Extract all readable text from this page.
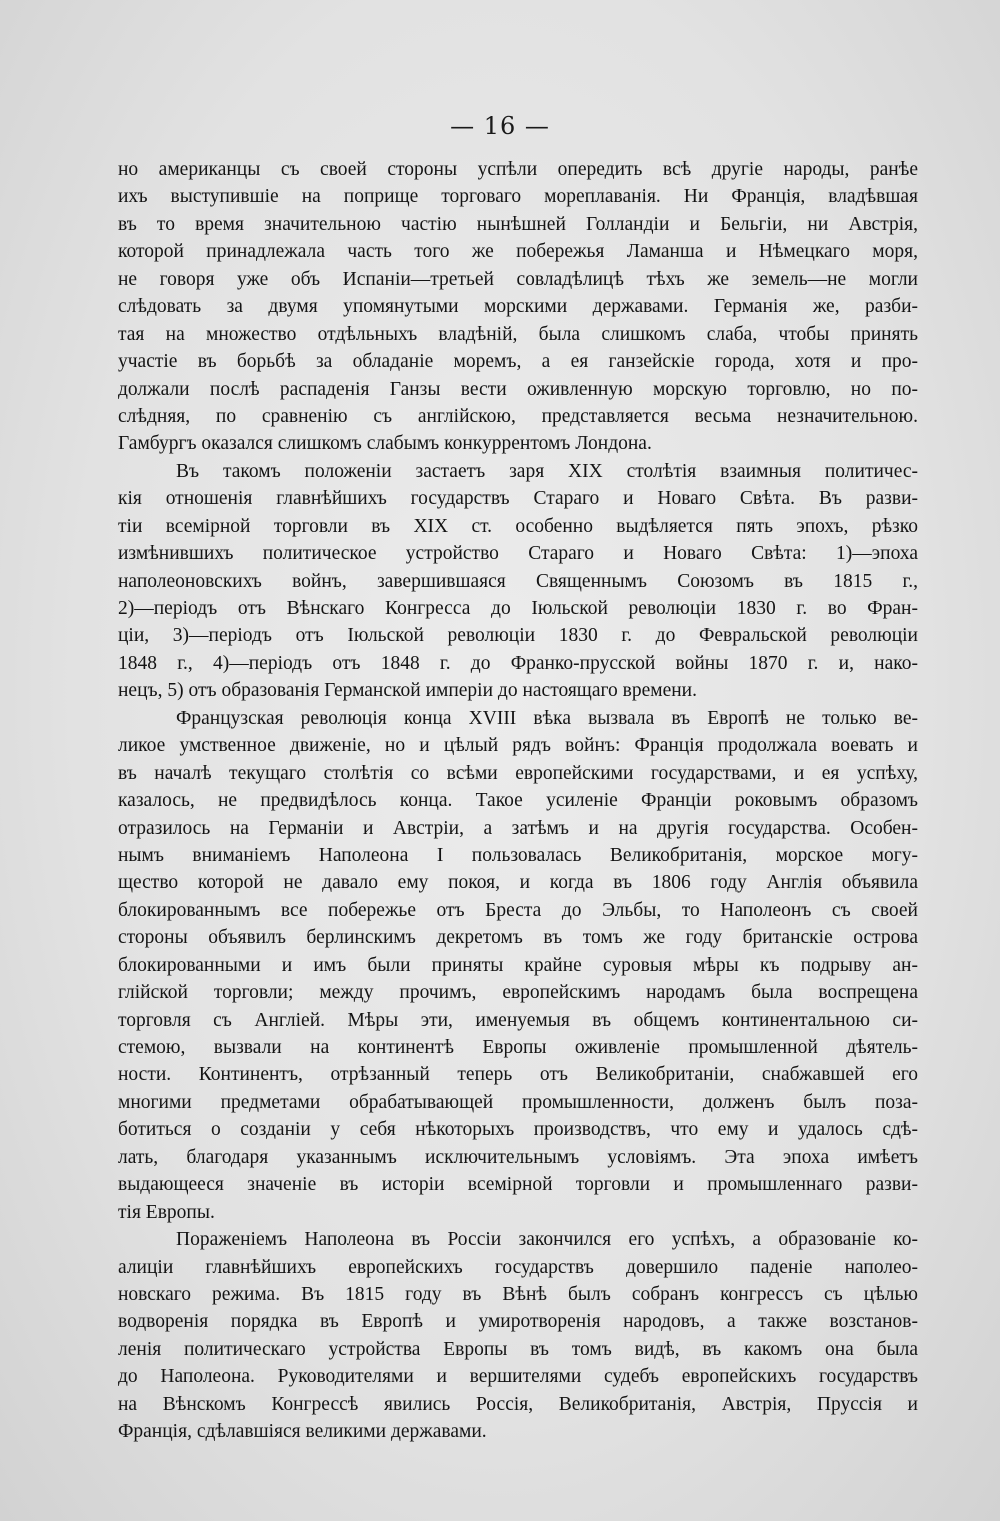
— 16 —
но американцы съ своей стороны успѣли опередить всѣ другіе народы, ранѣе
ихъ выступившіе на поприще торговаго мореплаванія. Ни Франція, владѣвшая
въ то время значительною частію нынѣшней Голландіи и Бельгіи, ни Австрія,
которой принадлежала часть того же побережья Ламанша и Нѣмецкаго моря,
не говоря уже объ Испаніи—третьей совладѣлицѣ тѣхъ же земель—не могли
слѣдовать за двумя упомянутыми морскими державами. Германія же, разби-
тая на множество отдѣльныхъ владѣній, была слишкомъ слаба, чтобы принять
участіе въ борьбѣ за обладаніе моремъ, а ея ганзейскіе города, хотя и про-
должали послѣ распаденія Ганзы вести оживленную морскую торговлю, но по-
слѣдняя, по сравненію съ англійскою, представляется весьма незначительною.
Гамбургъ оказался слишкомъ слабымъ конкуррентомъ Лондона.
Въ такомъ положеніи застаетъ заря XIX столѣтія взаимныя политичес-
кія отношенія главнѣйшихъ государствъ Стараго и Новаго Свѣта. Въ разви-
тіи всемірной торговли въ XIX ст. особенно выдѣляется пять эпохъ, рѣзко
измѣнившихъ политическое устройство Стараго и Новаго Свѣта: 1)—эпоха
наполеоновскихъ войнъ, завершившаяся Священнымъ Союзомъ въ 1815 г.,
2)—періодъ отъ Вѣнскаго Конгресса до Іюльской революціи 1830 г. во Фран-
ціи, 3)—періодъ отъ Іюльской революціи 1830 г. до Февральской революціи
1848 г., 4)—періодъ отъ 1848 г. до Франко-прусской войны 1870 г. и, нако-
нецъ, 5) отъ образованія Германской имперіи до настоящаго времени.
Французская революція конца XVIII вѣка вызвала въ Европѣ не только ве-
ликое умственное движеніе, но и цѣлый рядъ войнъ: Франція продолжала воевать и
въ началѣ текущаго столѣтія со всѣми европейскими государствами, и ея успѣху,
казалось, не предвидѣлось конца. Такое усиленіе Франціи роковымъ образомъ
отразилось на Германіи и Австріи, а затѣмъ и на другія государства. Особен-
нымъ вниманіемъ Наполеона I пользовалась Великобританія, морское могу-
щество которой не давало ему покоя, и когда въ 1806 году Англія объявила
блокированнымъ все побережье отъ Бреста до Эльбы, то Наполеонъ съ своей
стороны объявилъ берлинскимъ декретомъ въ томъ же году британскіе острова
блокированными и имъ были приняты крайне суровыя мѣры къ подрыву ан-
глійской торговли; между прочимъ, европейскимъ народамъ была воспрещена
торговля съ Англіей. Мѣры эти, именуемыя въ общемъ континентальною си-
стемою, вызвали на континентѣ Европы оживленіе промышленной дѣятель-
ности. Континентъ, отрѣзанный теперь отъ Великобританіи, снабжавшей его
многими предметами обрабатывающей промышленности, долженъ былъ поза-
ботиться о созданіи у себя нѣкоторыхъ производствъ, что ему и удалось сдѣ-
лать, благодаря указаннымъ исключительнымъ условіямъ. Эта эпоха имѣетъ
выдающееся значеніе въ исторіи всемірной торговли и промышленнаго разви-
тія Европы.
Пораженіемъ Наполеона въ Россіи закончился его успѣхъ, а образованіе ко-
алиціи главнѣйшихъ европейскихъ государствъ довершило паденіе наполео-
новскаго режима. Въ 1815 году въ Вѣнѣ былъ собранъ конгрессъ съ цѣлью
водворенія порядка въ Европѣ и умиротворенія народовъ, а также возстанов-
ленія политическаго устройства Европы въ томъ видѣ, въ какомъ она была
до Наполеона. Руководителями и вершителями судебъ европейскихъ государствъ
на Вѣнскомъ Конгрессѣ явились Россія, Великобританія, Австрія, Пруссія и
Франція, сдѣлавшіяся великими державами.
